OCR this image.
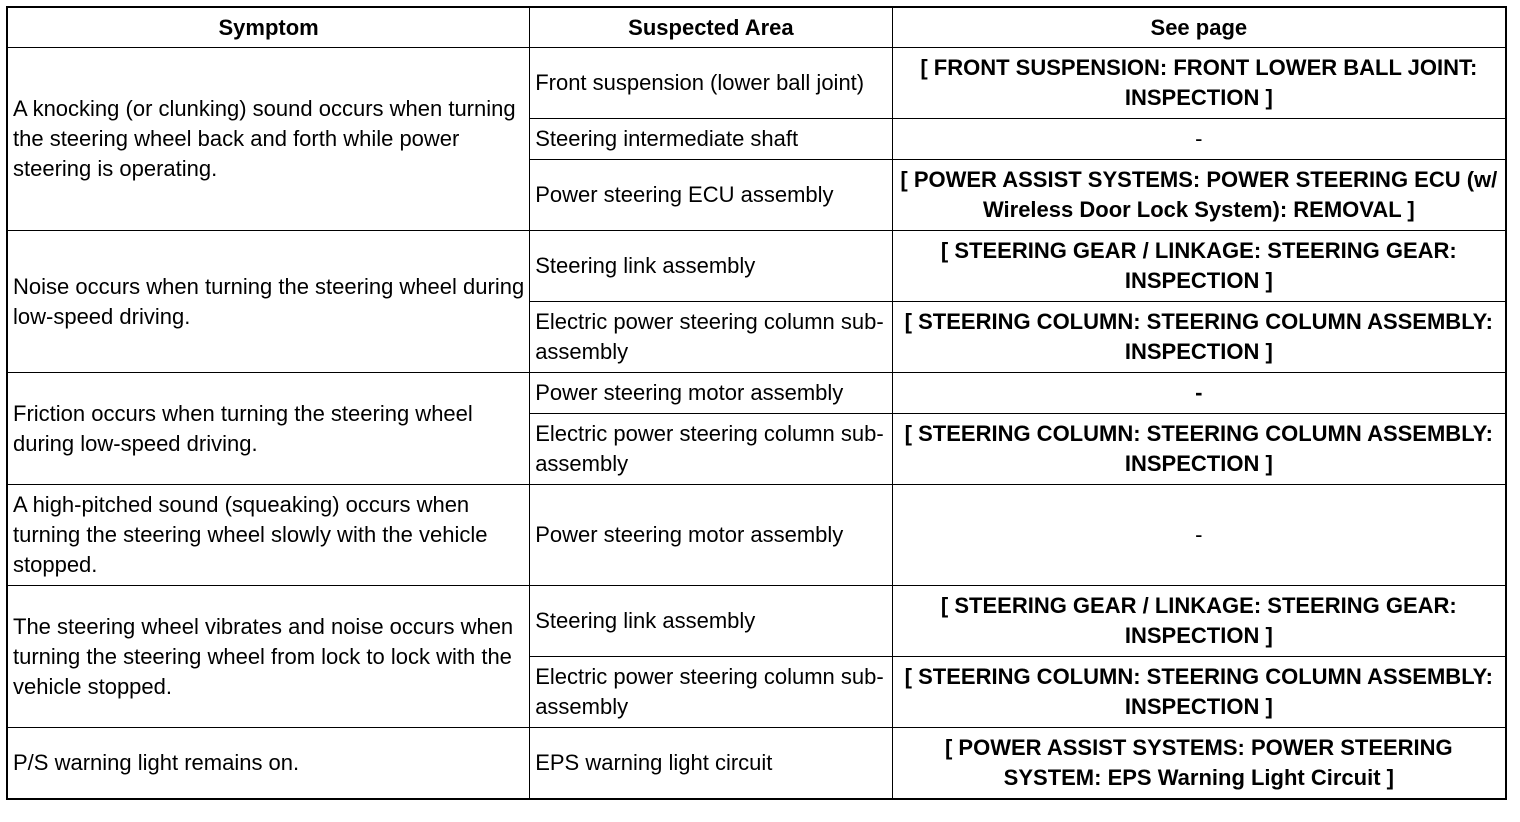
Symptom	Suspected Area	See page
A knocking (or clunking) sound occurs when turning the steering wheel back and forth while power steering is operating.	Front suspension (lower ball joint)	[ FRONT SUSPENSION: FRONT LOWER BALL JOINT: INSPECTION ]
	Steering intermediate shaft	-
	Power steering ECU assembly	[ POWER ASSIST SYSTEMS: POWER STEERING ECU (w/ Wireless Door Lock System): REMOVAL ]
Noise occurs when turning the steering wheel during low-speed driving.	Steering link assembly	[ STEERING GEAR / LINKAGE: STEERING GEAR: INSPECTION ]
	Electric power steering column sub-assembly	[ STEERING COLUMN: STEERING COLUMN ASSEMBLY: INSPECTION ]
Friction occurs when turning the steering wheel during low-speed driving.	Power steering motor assembly	-
	Electric power steering column sub-assembly	[ STEERING COLUMN: STEERING COLUMN ASSEMBLY: INSPECTION ]
A high-pitched sound (squeaking) occurs when turning the steering wheel slowly with the vehicle stopped.	Power steering motor assembly	-
The steering wheel vibrates and noise occurs when turning the steering wheel from lock to lock with the vehicle stopped.	Steering link assembly	[ STEERING GEAR / LINKAGE: STEERING GEAR: INSPECTION ]
	Electric power steering column sub-assembly	[ STEERING COLUMN: STEERING COLUMN ASSEMBLY: INSPECTION ]
P/S warning light remains on.	EPS warning light circuit	[ POWER ASSIST SYSTEMS: POWER STEERING SYSTEM: EPS Warning Light Circuit ]
